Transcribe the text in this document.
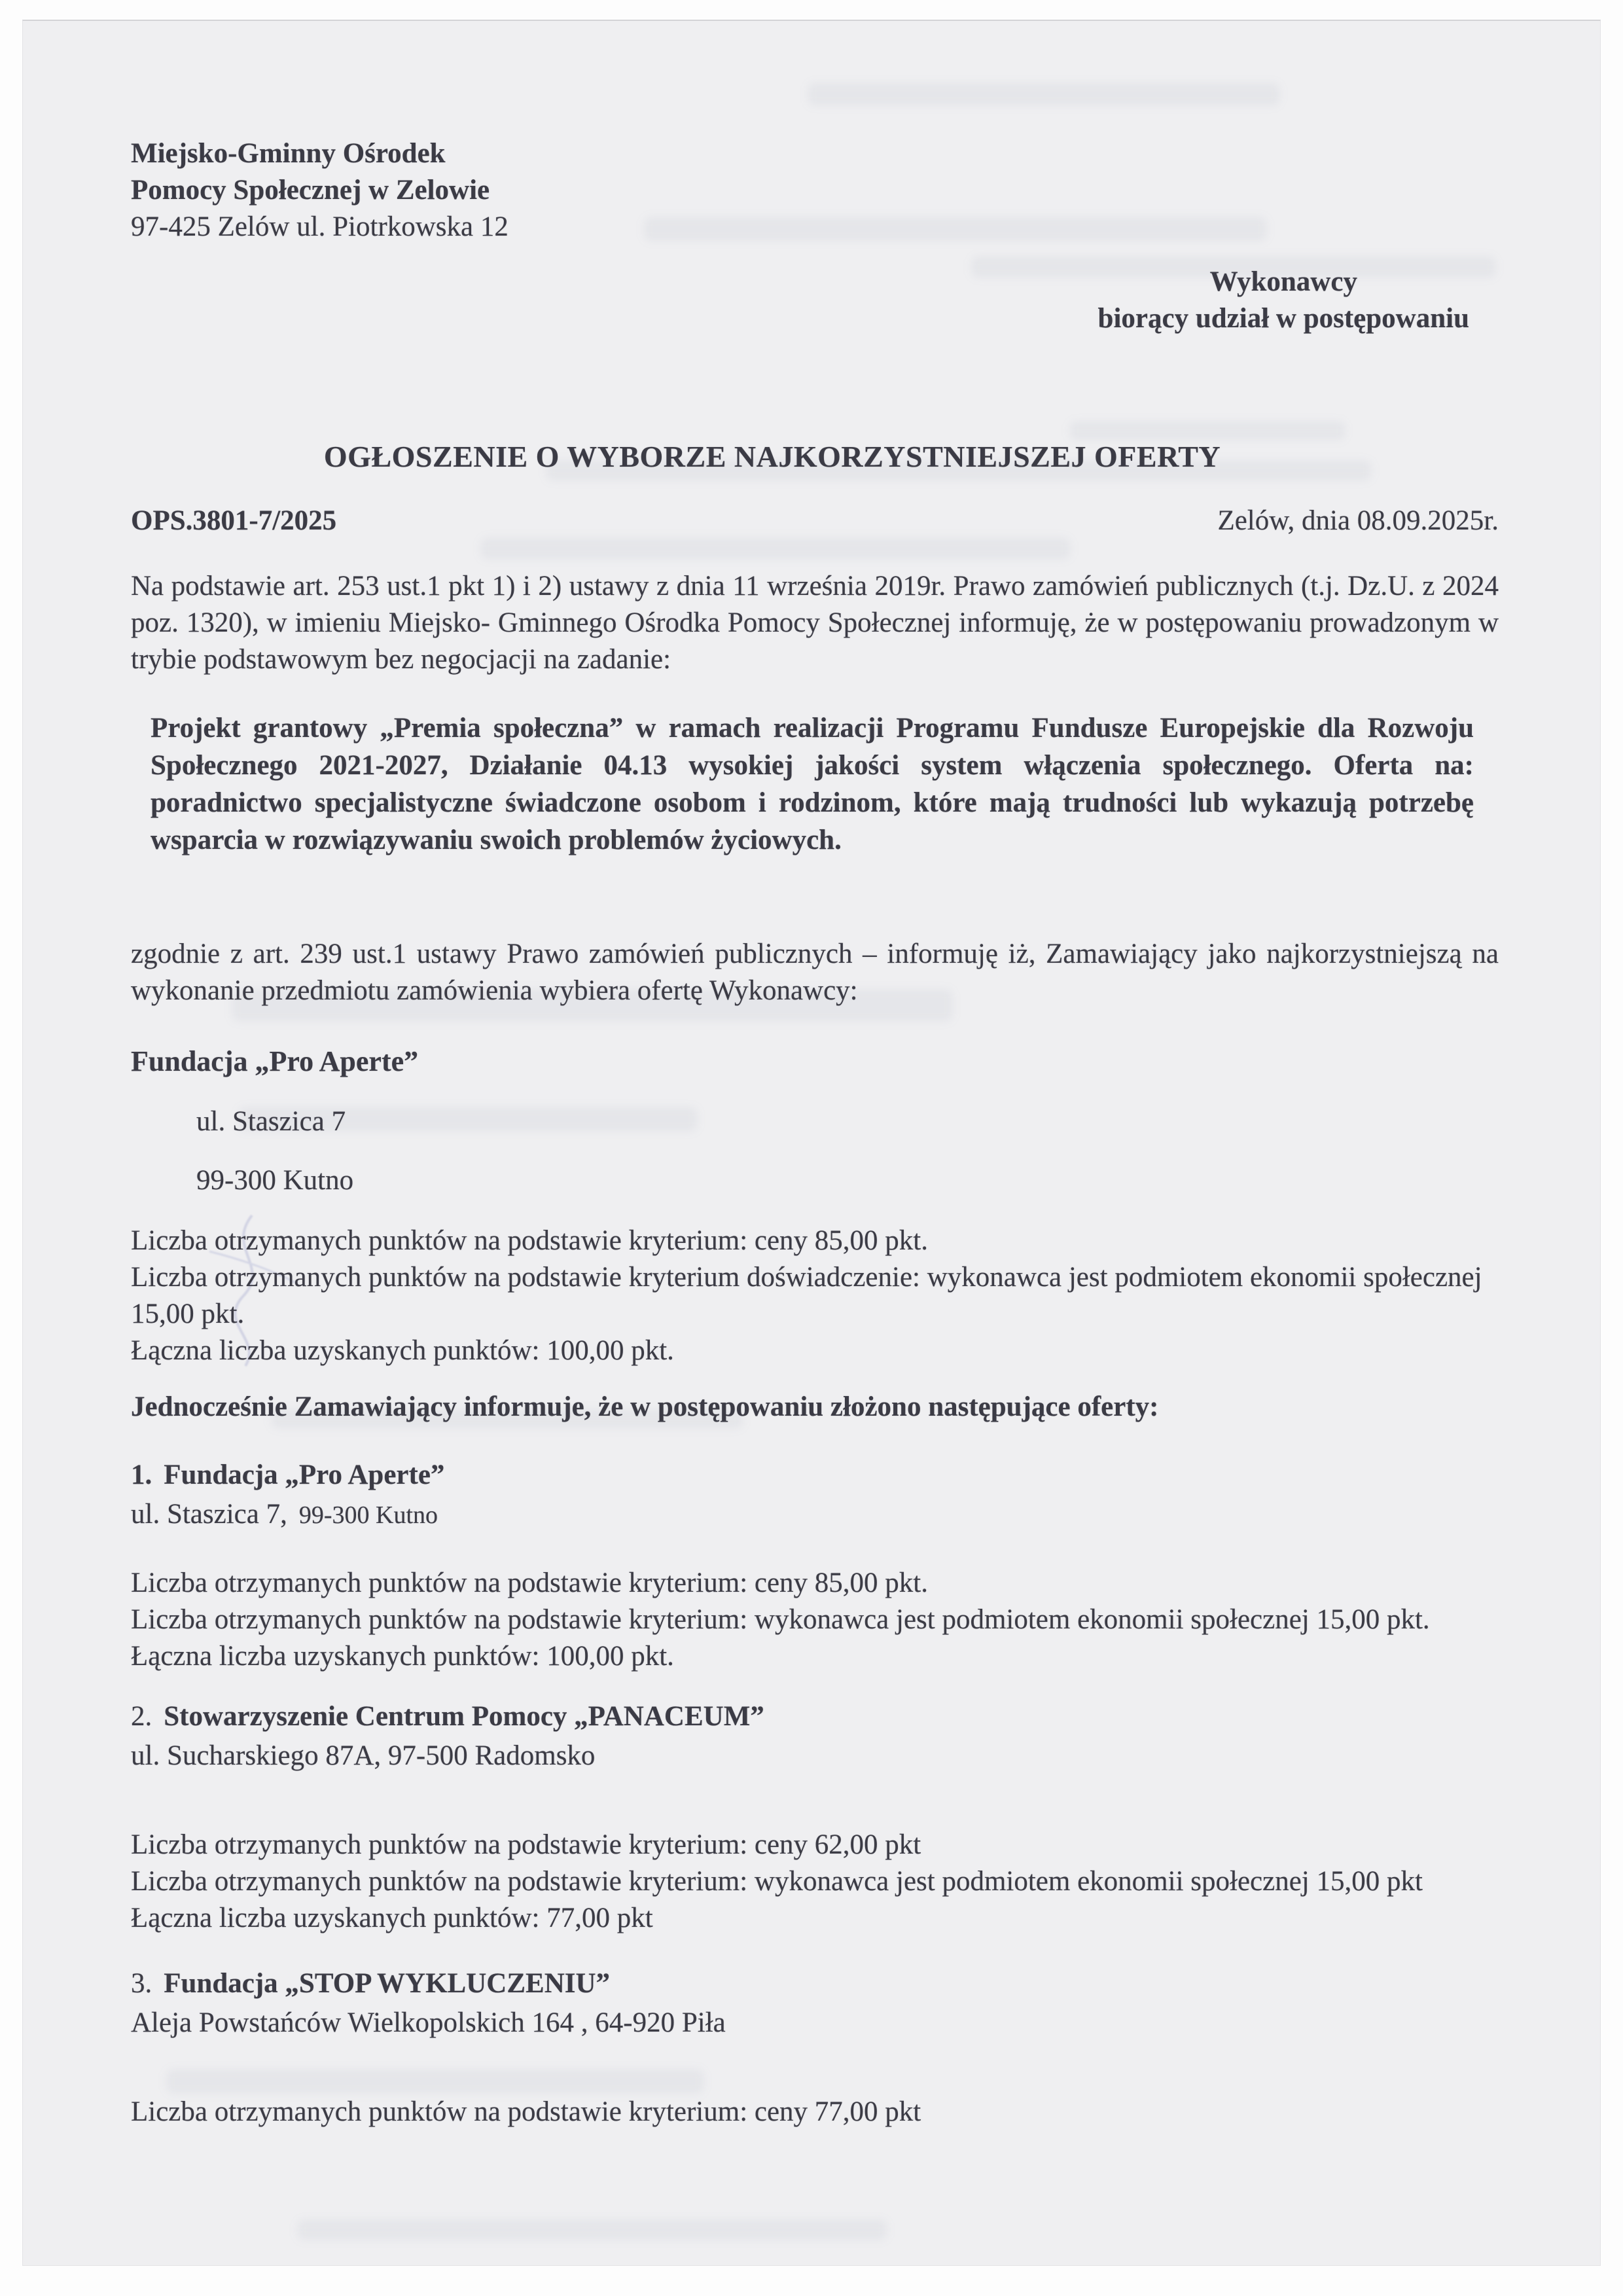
Miejsko-Gminny Ośrodek
Pomocy Społecznej w Zelowie
97-425 Zelów ul. Piotrkowska 12
Wykonawcy
biorący udział w postępowaniu
OGŁOSZENIE O WYBORZE NAJKORZYSTNIEJSZEJ OFERTY
OPS.3801-7/2025	Zelów, dnia 08.09.2025r.
Na podstawie art. 253 ust.1 pkt 1) i 2) ustawy z dnia 11 września 2019r. Prawo zamówień publicznych (t.j. Dz.U. z 2024 poz. 1320), w imieniu Miejsko- Gminnego Ośrodka Pomocy Społecznej informuję, że w postępowaniu prowadzonym w trybie podstawowym bez negocjacji na zadanie:
Projekt grantowy „Premia społeczna” w ramach realizacji Programu Fundusze Europejskie dla Rozwoju Społecznego 2021-2027, Działanie 04.13 wysokiej jakości system włączenia społecznego. Oferta na: poradnictwo specjalistyczne świadczone osobom i rodzinom, które mają trudności lub wykazują potrzebę wsparcia w rozwiązywaniu swoich problemów życiowych.
zgodnie z art. 239 ust.1 ustawy Prawo zamówień publicznych – informuję iż, Zamawiający jako najkorzystniejszą na wykonanie przedmiotu zamówienia wybiera ofertę Wykonawcy:
Fundacja „Pro Aperte”
ul. Staszica 7
99-300 Kutno
Liczba otrzymanych punktów na podstawie kryterium: ceny 85,00 pkt.
Liczba otrzymanych punktów na podstawie kryterium doświadczenie: wykonawca jest podmiotem ekonomii społecznej 15,00 pkt.
Łączna liczba uzyskanych punktów: 100,00 pkt.
Jednocześnie Zamawiający informuje, że w postępowaniu złożono następujące oferty:
1. Fundacja „Pro Aperte”
ul. Staszica 7, 99-300 Kutno
Liczba otrzymanych punktów na podstawie kryterium: ceny 85,00 pkt.
Liczba otrzymanych punktów na podstawie kryterium: wykonawca jest podmiotem ekonomii społecznej 15,00 pkt.
Łączna liczba uzyskanych punktów: 100,00 pkt.
2. Stowarzyszenie Centrum Pomocy „PANACEUM”
ul. Sucharskiego 87A, 97-500 Radomsko
Liczba otrzymanych punktów na podstawie kryterium: ceny 62,00 pkt
Liczba otrzymanych punktów na podstawie kryterium: wykonawca jest podmiotem ekonomii społecznej 15,00 pkt
Łączna liczba uzyskanych punktów: 77,00 pkt
3. Fundacja „STOP WYKLUCZENIU”
Aleja Powstańców Wielkopolskich 164 , 64-920 Piła
Liczba otrzymanych punktów na podstawie kryterium: ceny 77,00 pkt
